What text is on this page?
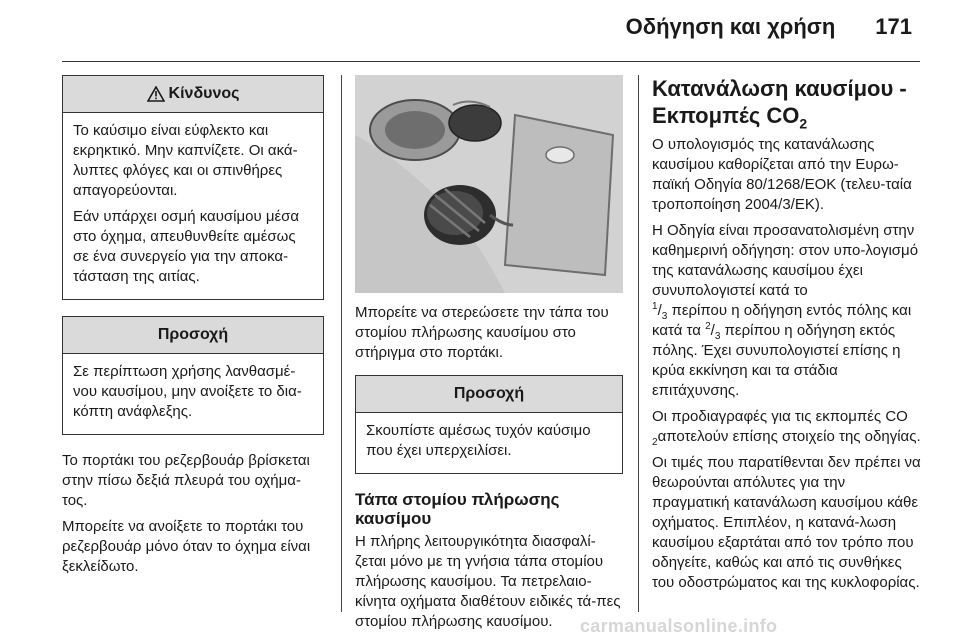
Οδήγηση και χρήση 171
Κίνδυνος

Το καύσιμο είναι εύφλεκτο και εκρηκτικό. Μην καπνίζετε. Οι ακά-λυπτες φλόγες και οι σπινθήρες απαγορεύονται.

Εάν υπάρχει οσμή καυσίμου μέσα στο όχημα, απευθυνθείτε αμέσως σε ένα συνεργείο για την αποκα-τάσταση της αιτίας.

Προσοχή

Σε περίπτωση χρήσης λανθασμέ-νου καυσίμου, μην ανοίξετε το δια-κόπτη ανάφλεξης.

Το πορτάκι του ρεζερβουάρ βρίσκεται στην πίσω δεξιά πλευρά του οχήμα-τος.

Μπορείτε να ανοίξετε το πορτάκι του ρεζερβουάρ μόνο όταν το όχημα είναι ξεκλείδωτο.

Μπορείτε να στερεώσετε την τάπα του στομίου πλήρωσης καυσίμου στο στήριγμα στο πορτάκι.

Προσοχή

Σκουπίστε αμέσως τυχόν καύσιμο που έχει υπερχειλίσει.

Τάπα στομίου πλήρωσης καυσίμου

Η πλήρης λειτουργικότητα διασφαλί-ζεται μόνο με τη γνήσια τάπα στομίου πλήρωσης καυσίμου. Τα πετρελαιο-κίνητα οχήματα διαθέτουν ειδικές τά-πες στομίου πλήρωσης καυσίμου.

Κατανάλωση καυσίμου -
Εκπομπές $CO_2$

Ο υπολογισμός της κατανάλωσης καυσίμου καθορίζεται από την Ευρω-παϊκή Οδηγία 80/1268/ΕΟΚ (τελευ-ταία τροποποίηση 2004/3/ΕΚ).

Η Οδηγία είναι προσανατολισμένη στην καθημερινή οδήγηση: στον υπο-λογισμό της κατανάλωσης καυσίμου έχει συνυπολογιστεί κατά το
$^1/_3$ περίπου η οδήγηση εντός πόλης και κατά τα $^2/_3$ περίπου η οδήγηση εκτός πόλης. Έχει συνυπολογιστεί επίσης η κρύα εκκίνηση και τα στάδια επιτάχυνσης.

Οι προδιαγραφές για τις εκπομπές CO $_2$αποτελούν επίσης στοιχείο της οδηγίας.

Οι τιμές που παρατίθενται δεν πρέπει να θεωρούνται απόλυτες για την πραγματική κατανάλωση καυσίμου κάθε οχήματος. Επιπλέον, η κατανά-λωση καυσίμου εξαρτάται από τον τρόπο που οδηγείτε, καθώς και από τις συνθήκες του οδοστρώματος και της κυκλοφορίας.

carmanualsonline.info
